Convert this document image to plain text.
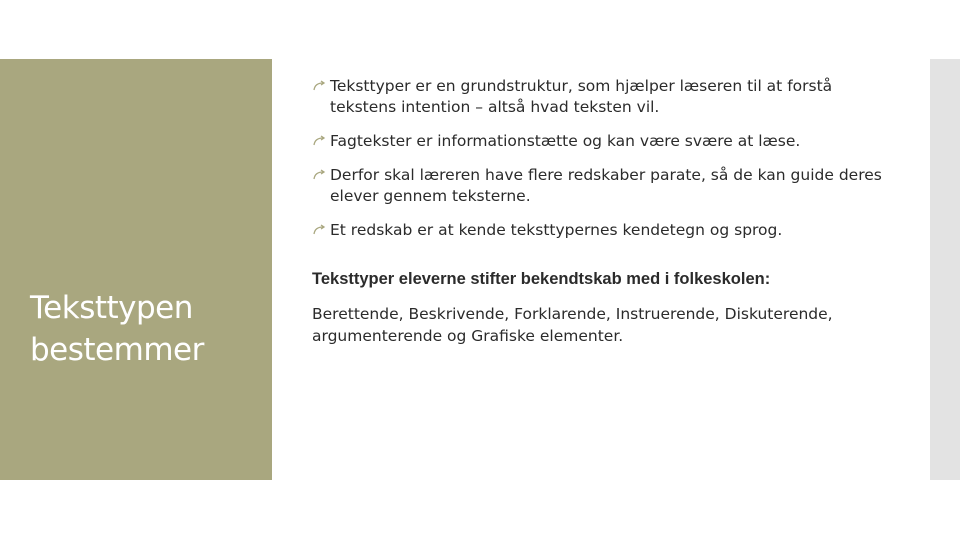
Teksttypen
bestemmer
Teksttyper er en grundstruktur, som hjælper læseren til at forstå tekstens intention – altså hvad teksten vil.
Fagtekster er informationstætte og kan være svære at læse.
Derfor skal læreren have flere redskaber parate, så de kan guide deres elever gennem teksterne.
Et redskab er at kende teksttypernes kendetegn og sprog.
Teksttyper eleverne stifter bekendtskab med i folkeskolen:
Berettende, Beskrivende, Forklarende, Instruerende, Diskuterende, argumenterende og Grafiske elementer.
